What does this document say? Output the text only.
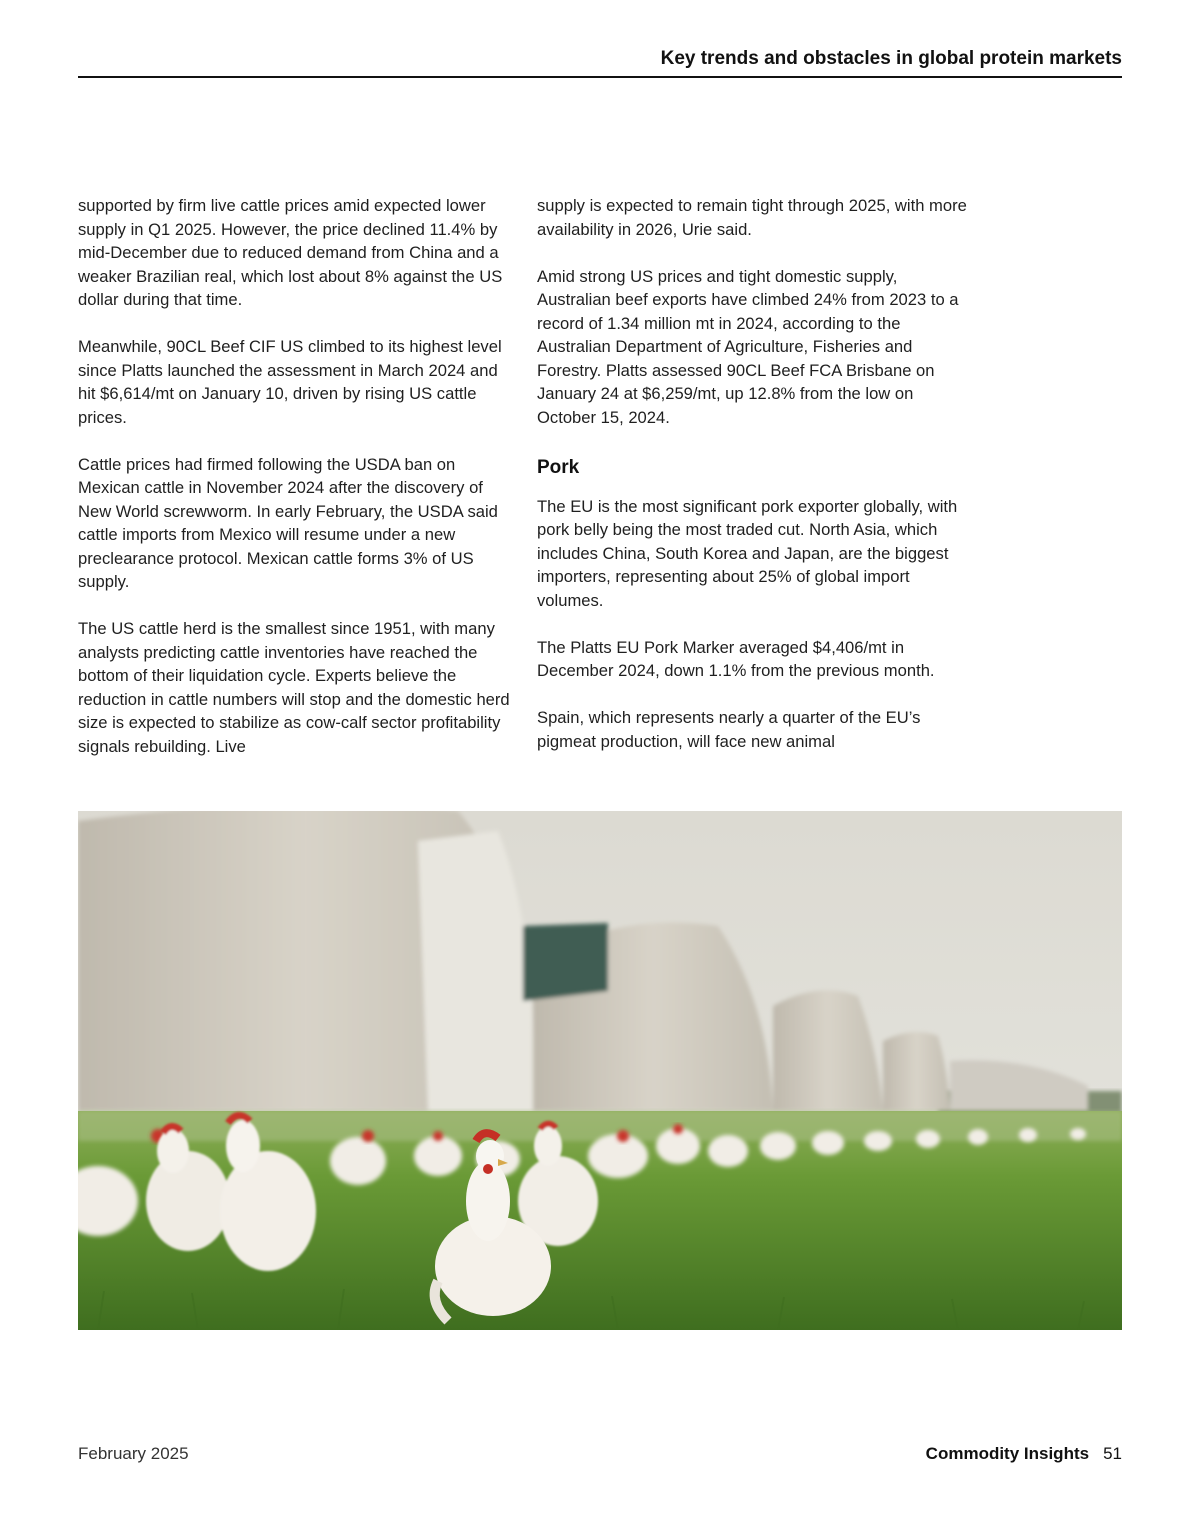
Key trends and obstacles in global protein markets

supported by firm live cattle prices amid expected lower supply in Q1 2025. However, the price declined 11.4% by mid-December due to reduced demand from China and a weaker Brazilian real, which lost about 8% against the US dollar during that time.

Meanwhile, 90CL Beef CIF US climbed to its highest level since Platts launched the assessment in March 2024 and hit $6,614/mt on January 10, driven by rising US cattle prices.

Cattle prices had firmed following the USDA ban on Mexican cattle in November 2024 after the discovery of New World screwworm. In early February, the USDA said cattle imports from Mexico will resume under a new preclearance protocol. Mexican cattle forms 3% of US supply.

The US cattle herd is the smallest since 1951, with many analysts predicting cattle inventories have reached the bottom of their liquidation cycle. Experts believe the reduction in cattle numbers will stop and the domestic herd size is expected to stabilize as cow-calf sector profitability signals rebuilding. Live

supply is expected to remain tight through 2025, with more availability in 2026, Urie said.

Amid strong US prices and tight domestic supply, Australian beef exports have climbed 24% from 2023 to a record of 1.34 million mt in 2024, according to the Australian Department of Agriculture, Fisheries and Forestry. Platts assessed 90CL Beef FCA Brisbane on January 24 at $6,259/mt, up 12.8% from the low on October 15, 2024.

Pork

The EU is the most significant pork exporter globally, with pork belly being the most traded cut. North Asia, which includes China, South Korea and Japan, are the biggest importers, representing about 25% of global import volumes.

The Platts EU Pork Marker averaged $4,406/mt in December 2024, down 1.1% from the previous month.

Spain, which represents nearly a quarter of the EU’s pigmeat production, will face new animal

February 2025	Commodity Insights 51
